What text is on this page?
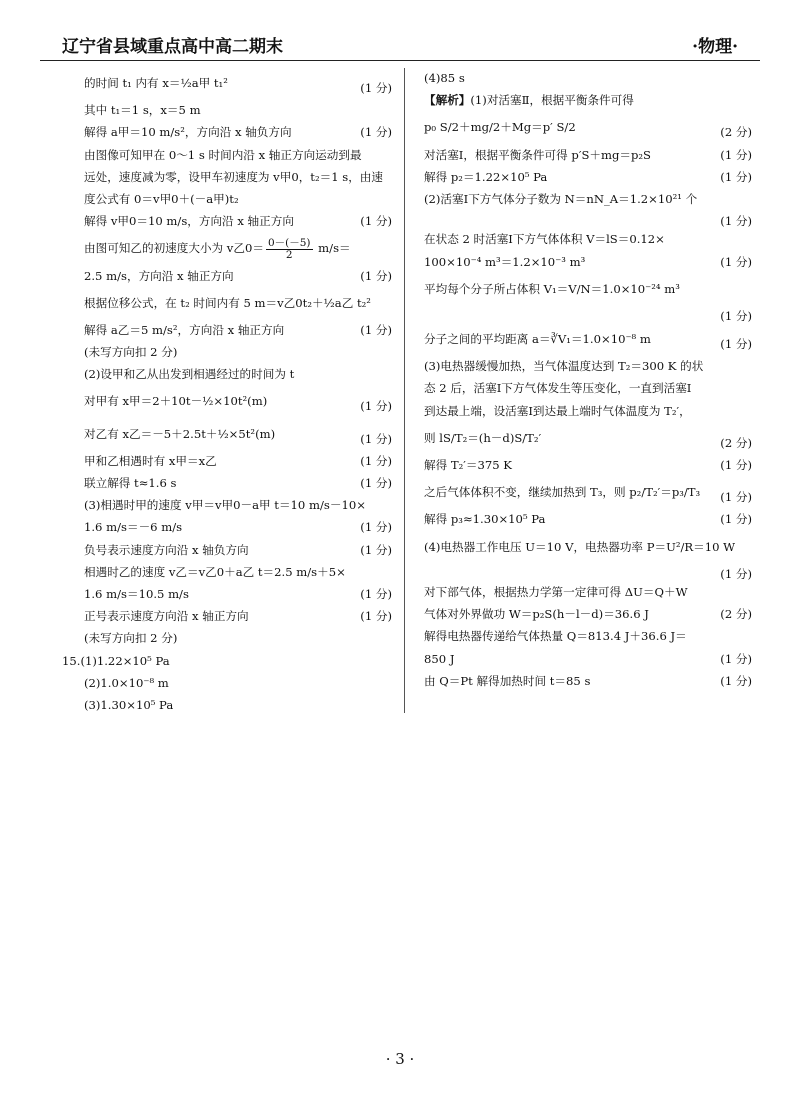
辽宁省县域重点高中高二期末	·物理·
的时间 t₁ 内有 x＝½a甲 t₁²	(1 分)
其中 t₁＝1 s，x＝5 m
解得 a甲＝10 m/s²，方向沿 x 轴负方向	(1 分)
由图像可知甲在 0～1 s 时间内沿 x 轴正方向运动到最
远处，速度减为零，设甲车初速度为 v甲0，t₂＝1 s，由速
度公式有 0＝v甲0＋(－a甲)t₂
解得 v甲0＝10 m/s，方向沿 x 轴正方向	(1 分)
由图可知乙的初速度大小为 v乙$0= \frac{0-(-5)}{2} m/s=$
2.5 m/s，方向沿 x 轴正方向	(1 分)
根据位移公式，在 t₂ 时间内有 5 m＝v乙0t₂＋½a乙 t₂²
解得 a乙＝5 m/s²，方向沿 x 轴正方向	(1 分)
(未写方向扣 2 分)
(2)设甲和乙从出发到相遇经过的时间为 t
对甲有 x甲＝2＋10t－½×10t²(m)	(1 分)
对乙有 x乙＝－5＋2.5t＋½×5t²(m)	(1 分)
甲和乙相遇时有 x甲＝x乙	(1 分)
联立解得 t≈1.6 s	(1 分)
(3)相遇时甲的速度 v甲＝v甲0－a甲 t＝10 m/s－10×
1.6 m/s＝－6 m/s	(1 分)
负号表示速度方向沿 x 轴负方向	(1 分)
相遇时乙的速度 v乙＝v乙0＋a乙 t＝2.5 m/s＋5×
1.6 m/s＝10.5 m/s	(1 分)
正号表示速度方向沿 x 轴正方向	(1 分)
(未写方向扣 2 分)
15.(1)1.22×10⁵ Pa
(2)1.0×10⁻⁸ m
(3)1.30×10⁵ Pa
(4)85 s
【解析】(1)对活塞Ⅱ，根据平衡条件可得
p₀ S/2＋mg/2＋Mg＝p′ S/2	(2 分)
对活塞Ⅰ，根据平衡条件可得 p′S＋mg＝p₂S	(1 分)
解得 p₂＝1.22×10⁵ Pa	(1 分)
(2)活塞Ⅰ下方气体分子数为 N＝nN_A＝1.2×10²¹ 个
(1 分)
在状态 2 时活塞Ⅰ下方气体体积 V＝lS＝0.12×
100×10⁻⁴ m³＝1.2×10⁻³ m³	(1 分)
平均每个分子所占体积 V₁＝V/N＝1.0×10⁻²⁴ m³
(1 分)
分子之间的平均距离 a＝∛V₁＝1.0×10⁻⁸ m	(1 分)
(3)电热器缓慢加热，当气体温度达到 T₂＝300 K 的状
态 2 后，活塞Ⅰ下方气体发生等压变化，一直到活塞Ⅰ
到达最上端，设活塞Ⅰ到达最上端时气体温度为 T₂′，
则 lS/T₂＝(h－d)S/T₂′	(2 分)
解得 T₂′＝375 K	(1 分)
之后气体体积不变，继续加热到 T₃，则 p₂/T₂′＝p₃/T₃ (1 分)
解得 p₃≈1.30×10⁵ Pa	(1 分)
(4)电热器工作电压 U＝10 V，电热器功率 P＝U²/R＝10 W
(1 分)
对下部气体，根据热力学第一定律可得 ΔU＝Q＋W
气体对外界做功 W＝p₂S(h－l－d)＝36.6 J	(2 分)
解得电热器传递给气体热量 Q＝813.4 J＋36.6 J＝
850 J	(1 分)
由 Q＝Pt 解得加热时间 t＝85 s	(1 分)
· 3 ·
